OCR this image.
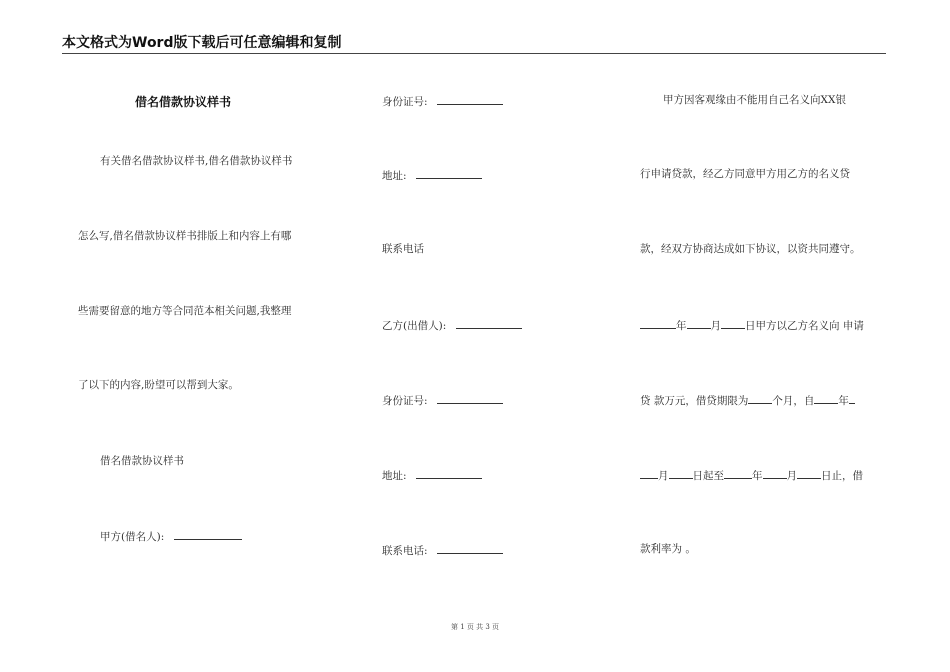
本文格式为Word版下载后可任意编辑和复制
借名借款协议样书
有关借名借款协议样书,借名借款协议样书
怎么写,借名借款协议样书排版上和内容上有哪
些需要留意的地方等合同范本相关问题,我整理
了以下的内容,盼望可以帮到大家。
借名借款协议样书
甲方(借名人):
身份证号:
地址:
联系电话
乙方(出借人):
身份证号:
地址:
联系电话:
甲方因客观缘由不能用自己名义向XX银
行申请贷款，经乙方同意甲方用乙方的名义贷
款，经双方协商达成如下协议，以资共同遵守。
年 月 日甲方以乙方名义向 申请
贷 款万元，借贷期限为 个月，自 年
月 日起至	年 月 日止，借
款利率为 。
第 1 页 共 3 页
